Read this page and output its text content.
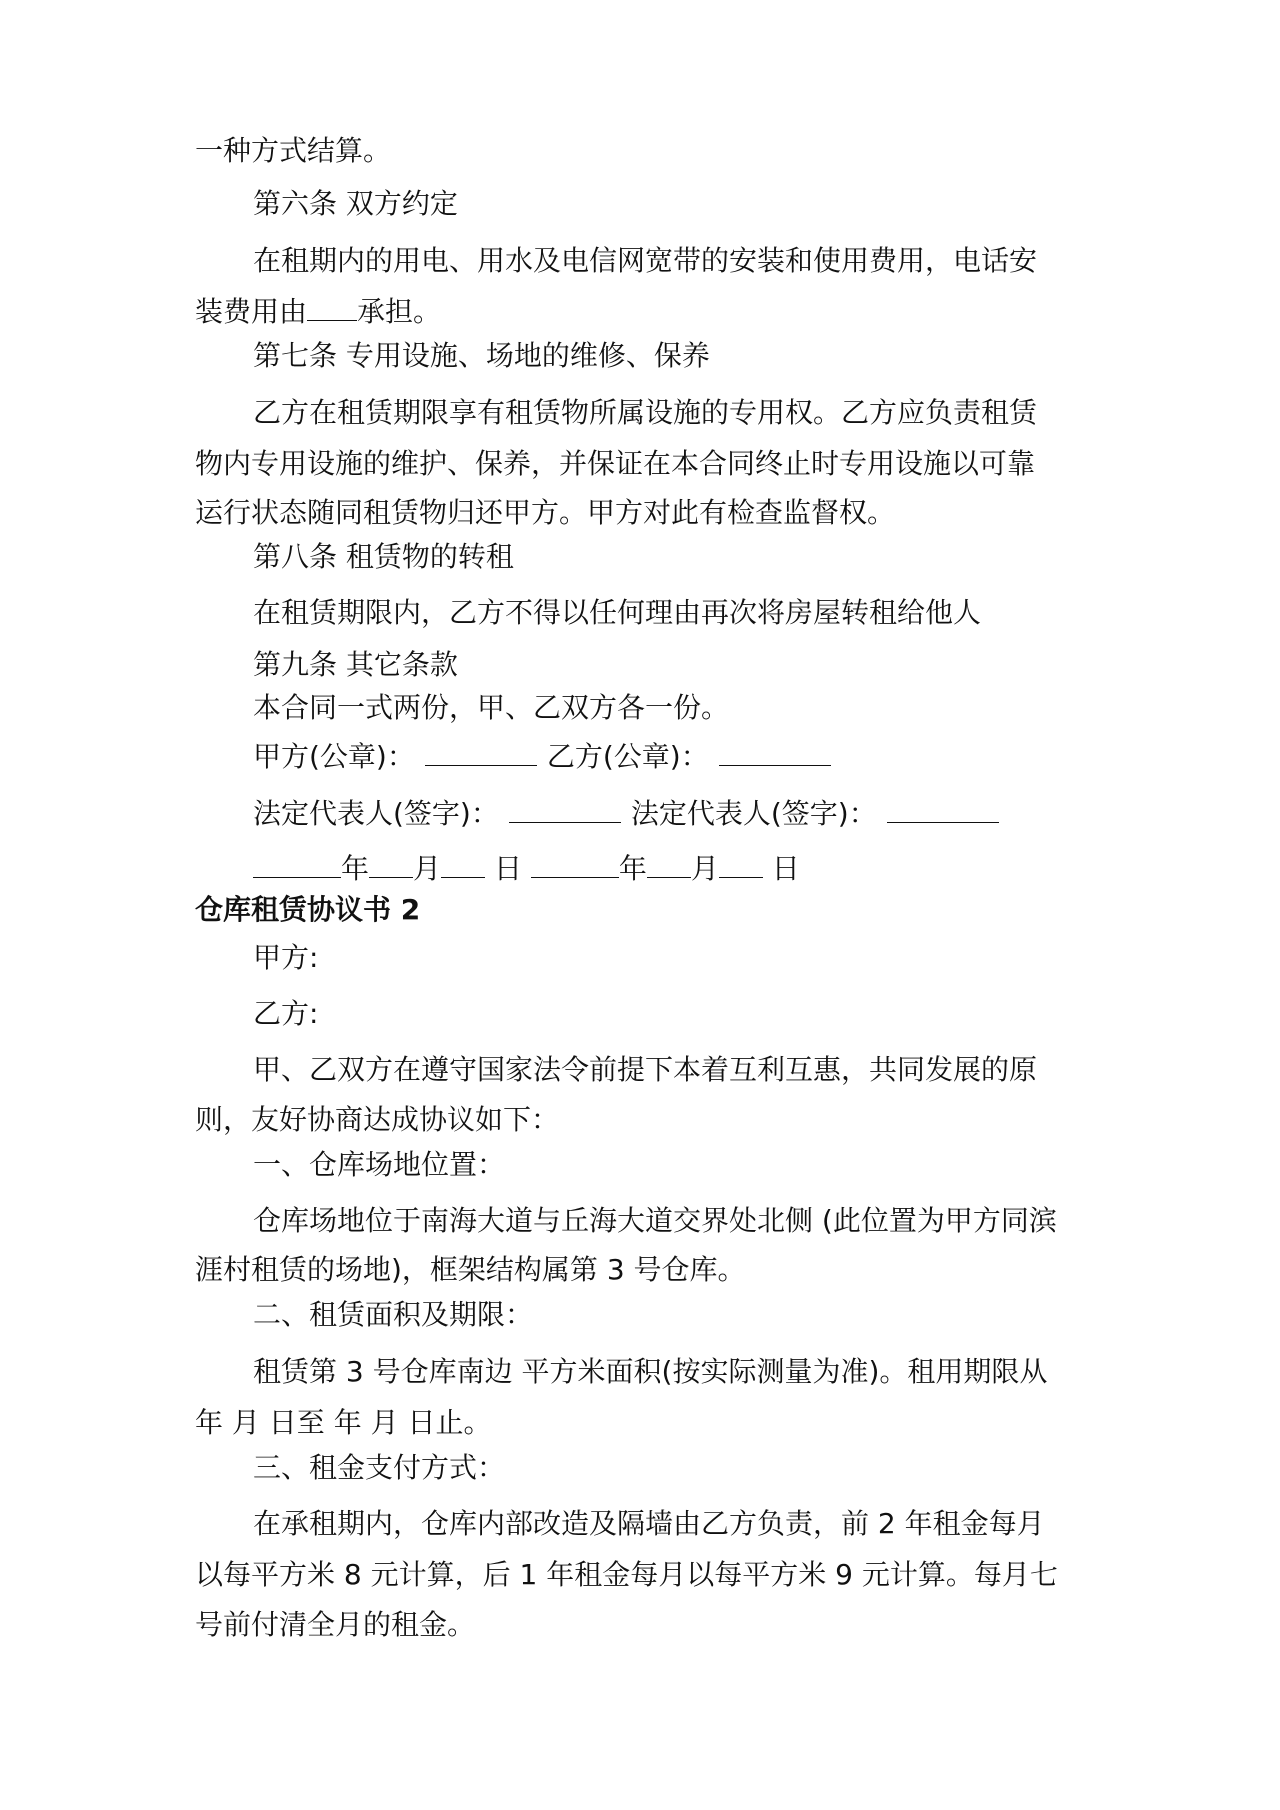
一种方式结算。

第六条 双方约定

在租期内的用电、用水及电信网宽带的安装和使用费用，电话安

装费用由 承担。

第七条 专用设施、场地的维修、保养

乙方在租赁期限享有租赁物所属设施的专用权。乙方应负责租赁

物内专用设施的维护、保养，并保证在本合同终止时专用设施以可靠

运行状态随同租赁物归还甲方。甲方对此有检查监督权。

第八条 租赁物的转租

在租赁期限内，乙方不得以任何理由再次将房屋转租给他人

第九条 其它条款

本合同一式两份，甲、乙双方各一份。

甲方(公章)：	乙方(公章)：

法定代表人(签字)：	法定代表人(签字)：

年 月 日	年 月 日

仓库租赁协议书 2

甲方:

乙方:

甲、乙双方在遵守国家法令前提下本着互利互惠，共同发展的原

则，友好协商达成协议如下：

一、仓库场地位置：

仓库场地位于南海大道与丘海大道交界处北侧 (此位置为甲方同滨

涯村租赁的场地)，框架结构属第 3 号仓库。

二、租赁面积及期限：

租赁第 3 号仓库南边 平方米面积(按实际测量为准)。租用期限从

年 月 日至 年 月 日止。

三、租金支付方式：

在承租期内，仓库内部改造及隔墙由乙方负责，前 2 年租金每月

以每平方米 8 元计算，后 1 年租金每月以每平方米 9 元计算。每月七

号前付清全月的租金。
